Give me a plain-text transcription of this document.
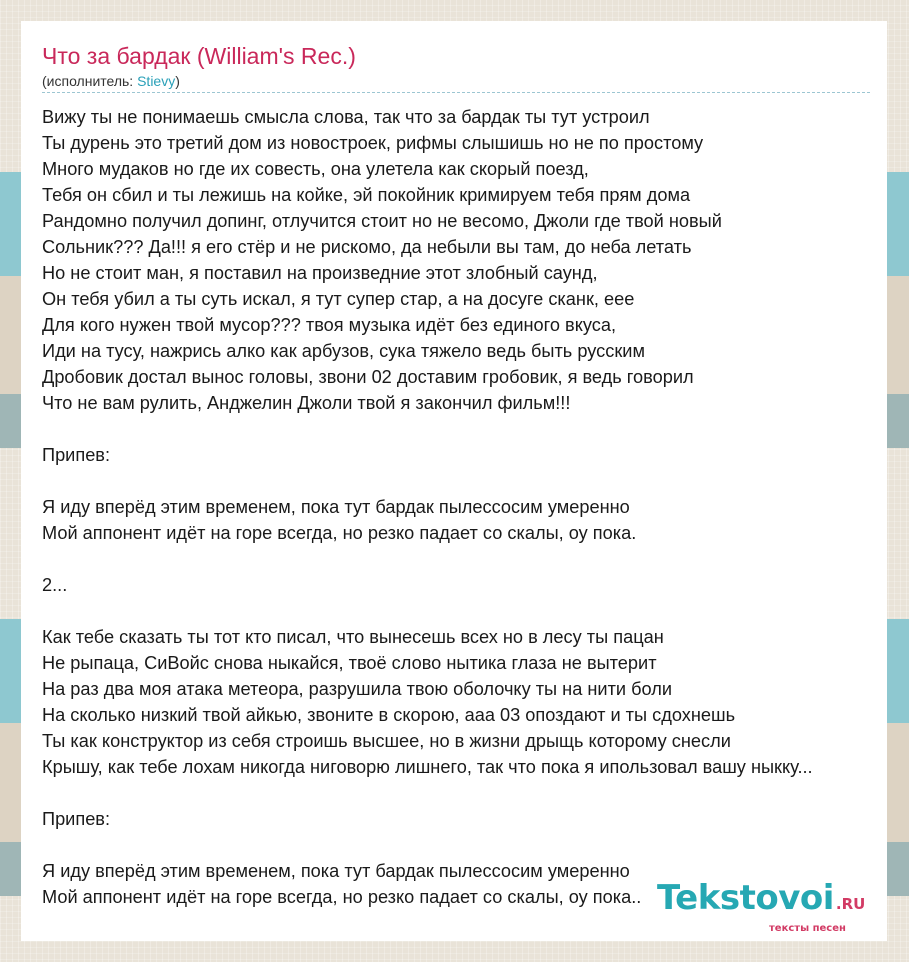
Что за бардак (William's Rec.)
(исполнитель: Stievy)
Вижу ты не понимаешь смысла слова, так что за бардак ты тут устроил
Ты дурень это третий дом из новостроек, рифмы слышишь но не по простому
Много мудаков но где их совесть, она улетела как скорый поезд,
Тебя он сбил и ты лежишь на койке, эй покойник кримируем тебя прям дома
Рандомно получил допинг, отлучится стоит но не весомо, Джоли где твой новый
Сольник??? Да!!! я его стёр и не рискомо, да небыли вы там, до неба летать
Но не стоит ман, я поставил на произведние этот злобный саунд,
Он тебя убил а ты суть искал, я тут супер стар, а на досуге сканк, еее
Для кого нужен твой мусор??? твоя музыка идёт без единого вкуса,
Иди на тусу, нажрись алко как арбузов, сука тяжело ведь быть русским
Дробовик достал вынос головы, звони 02 доставим гробовик, я ведь говорил
Что не вам рулить, Анджелин Джоли твой я закончил фильм!!!
Припев:
Я иду вперёд этим временем, пока тут бардак пылессосим умеренно
Мой аппонент идёт на горе всегда, но резко падает со скалы, оу пока.
2...
Как тебе сказать ты тот кто писал, что вынесешь всех но в лесу ты пацан
Не рыпаца, СиВойс снова ныкайся, твоё слово нытика глаза не вытерит
На раз два моя атака метеора, разрушила твою оболочку ты на нити боли
На сколько низкий твой айкью, звоните в скорою, ааа 03 опоздают и ты сдохнешь
Ты как конструктор из себя строишь высшее, но в жизни дрыщь которому снесли
Крышу, как тебе лохам никогда ниговорю лишнего, так что пока я ипользовал вашу ныкку...
Припев:
Я иду вперёд этим временем, пока тут бардак пылессосим умеренно
Мой аппонент идёт на горе всегда, но резко падает со скалы, оу пока.. Tekstovoi .RU
тексты песен
